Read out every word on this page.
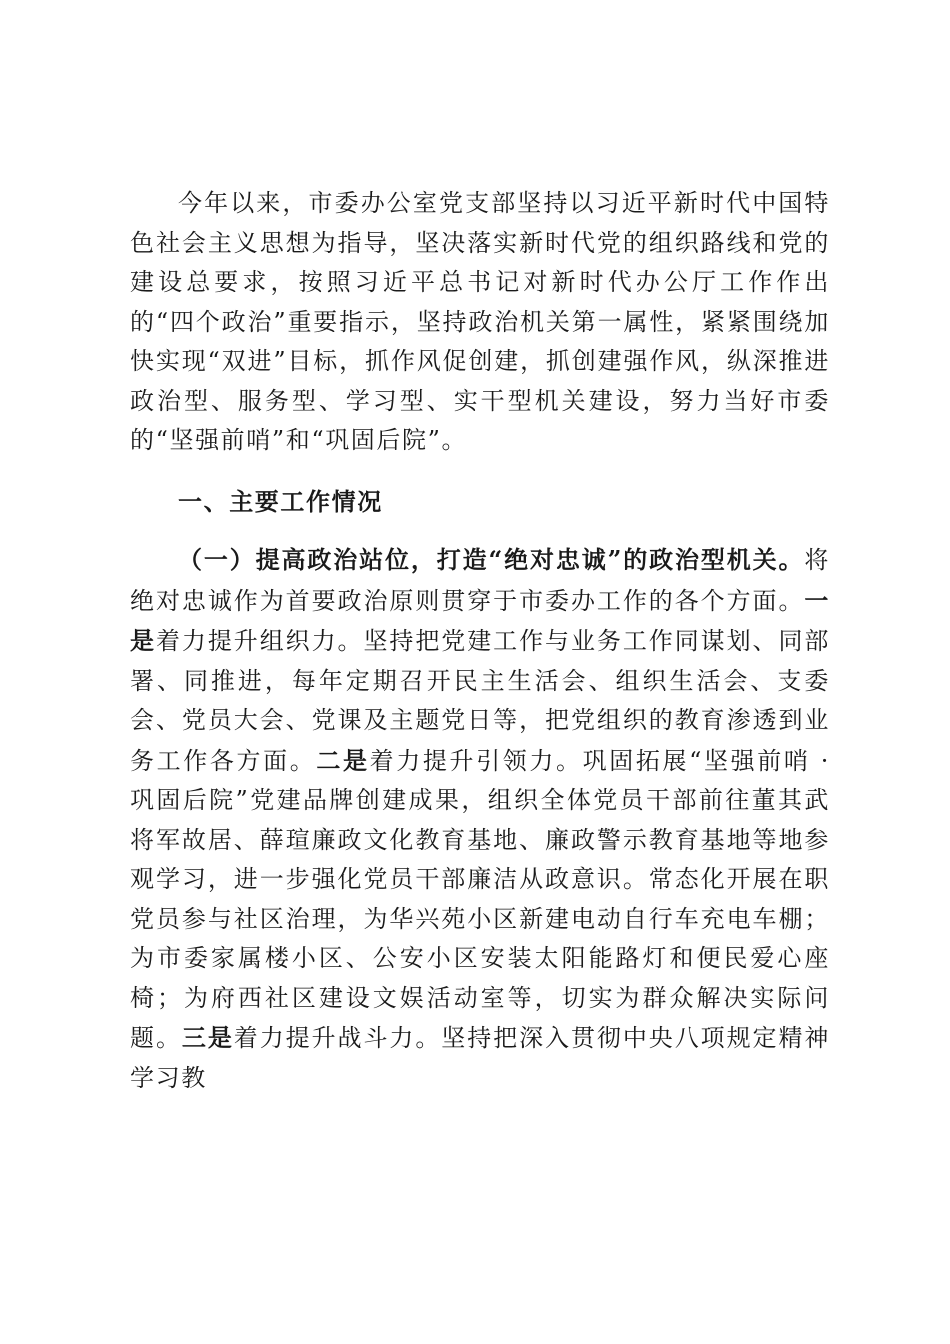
今年以来，市委办公室党支部坚持以习近平新时代中国特色社会主义思想为指导，坚决落实新时代党的组织路线和党的建设总要求，按照习近平总书记对新时代办公厅工作作出的“四个政治”重要指示，坚持政治机关第一属性，紧紧围绕加快实现“双进”目标，抓作风促创建，抓创建强作风，纵深推进政治型、服务型、学习型、实干型机关建设，努力当好市委的“坚强前哨”和“巩固后院”。

一、主要工作情况

（一）提高政治站位，打造“绝对忠诚”的政治型机关。将绝对忠诚作为首要政治原则贯穿于市委办工作的各个方面。一是着力提升组织力。坚持把党建工作与业务工作同谋划、同部署、同推进，每年定期召开民主生活会、组织生活会、支委会、党员大会、党课及主题党日等，把党组织的教育渗透到业务工作各方面。二是着力提升引领力。巩固拓展“坚强前哨 · 巩固后院”党建品牌创建成果，组织全体党员干部前往董其武将军故居、薛瑄廉政文化教育基地、廉政警示教育基地等地参观学习，进一步强化党员干部廉洁从政意识。常态化开展在职党员参与社区治理，为华兴苑小区新建电动自行车充电车棚；为市委家属楼小区、公安小区安装太阳能路灯和便民爱心座椅；为府西社区建设文娱活动室等，切实为群众解决实际问题。三是着力提升战斗力。坚持把深入贯彻中央八项规定精神学习教
